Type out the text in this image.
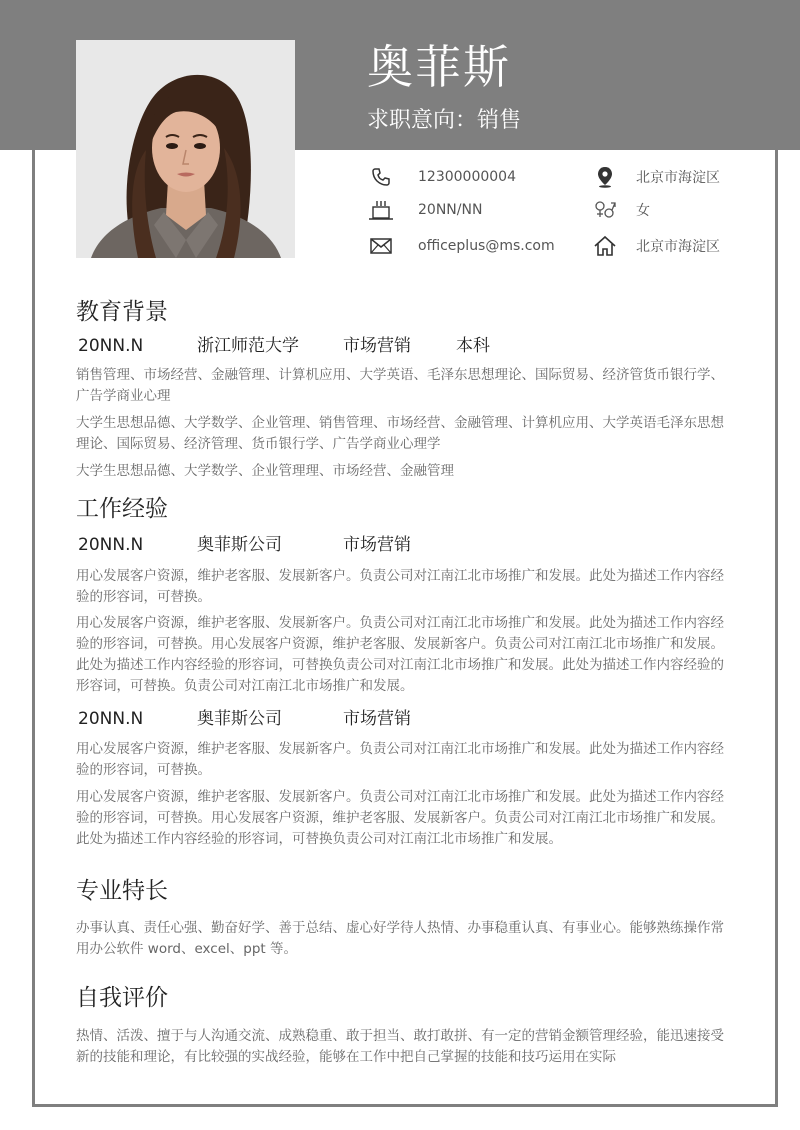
奥菲斯
求职意向：销售
12300000004
20NN/NN
officeplus@ms.com
北京市海淀区
女
北京市海淀区
教育背景
20NN.N	浙江师范大学	市场营销	本科
销售管理、市场经营、金融管理、计算机应用、大学英语、毛泽东思想理论、国际贸易、经济管货币银行学、广告学商业心理
大学生思想品德、大学数学、企业管理、销售管理、市场经营、金融管理、计算机应用、大学英语毛泽东思想理论、国际贸易、经济管理、货币银行学、广告学商业心理学
大学生思想品德、大学数学、企业管理理、市场经营、金融管理
工作经验
20NN.N	奥菲斯公司	市场营销
用心发展客户资源，维护老客服、发展新客户。负责公司对江南江北市场推广和发展。此处为描述工作内容经验的形容词，可替换。
用心发展客户资源，维护老客服、发展新客户。负责公司对江南江北市场推广和发展。此处为描述工作内容经验的形容词，可替换。用心发展客户资源，维护老客服、发展新客户。负责公司对江南江北市场推广和发展。此处为描述工作内容经验的形容词，可替换负责公司对江南江北市场推广和发展。此处为描述工作内容经验的形容词，可替换。负责公司对江南江北市场推广和发展。
20NN.N	奥菲斯公司	市场营销
用心发展客户资源，维护老客服、发展新客户。负责公司对江南江北市场推广和发展。此处为描述工作内容经验的形容词，可替换。
用心发展客户资源，维护老客服、发展新客户。负责公司对江南江北市场推广和发展。此处为描述工作内容经验的形容词，可替换。用心发展客户资源，维护老客服、发展新客户。负责公司对江南江北市场推广和发展。此处为描述工作内容经验的形容词，可替换负责公司对江南江北市场推广和发展。
专业特长
办事认真、责任心强、勤奋好学、善于总结、虚心好学待人热情、办事稳重认真、有事业心。能够熟练操作常用办公软件 word、excel、ppt 等。
自我评价
热情、活泼、擅于与人沟通交流、成熟稳重、敢于担当、敢打敢拼、有一定的营销金额管理经验，能迅速接受新的技能和理论，有比较强的实战经验，能够在工作中把自己掌握的技能和技巧运用在实际
